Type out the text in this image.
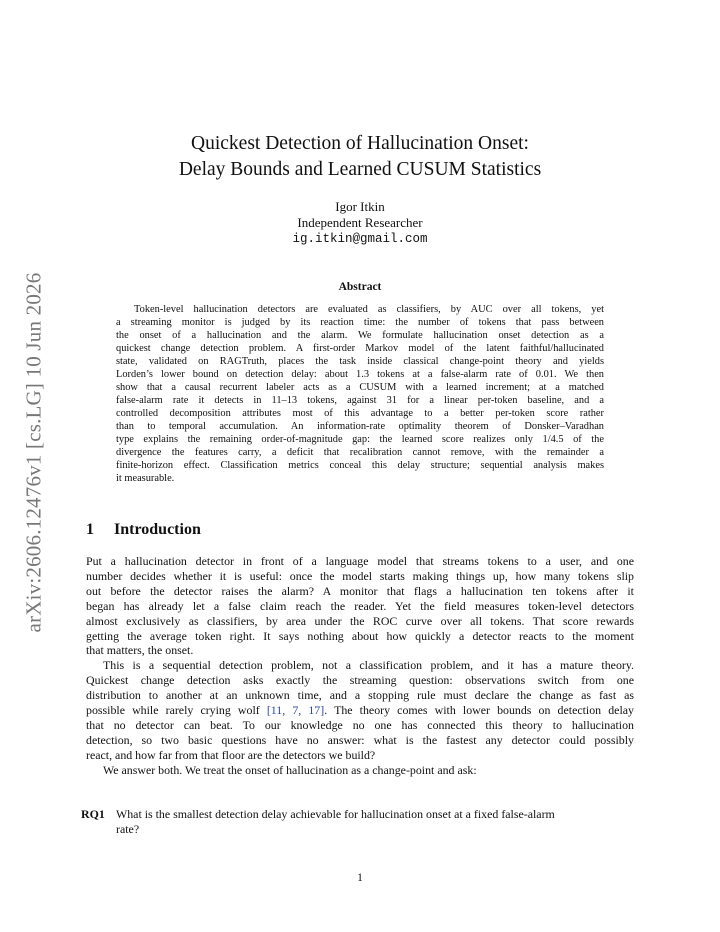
arXiv:2606.12476v1 [cs.LG] 10 Jun 2026
Quickest Detection of Hallucination Onset:
Delay Bounds and Learned CUSUM Statistics
Igor Itkin
Independent Researcher
ig.itkin@gmail.com
Abstract
Token-level hallucination detectors are evaluated as classifiers, by AUC over all tokens, yet
a streaming monitor is judged by its reaction time: the number of tokens that pass between
the onset of a hallucination and the alarm. We formulate hallucination onset detection as a
quickest change detection problem. A first-order Markov model of the latent faithful/hallucinated
state, validated on RAGTruth, places the task inside classical change-point theory and yields
Lorden’s lower bound on detection delay: about 1.3 tokens at a false-alarm rate of 0.01. We then
show that a causal recurrent labeler acts as a CUSUM with a learned increment; at a matched
false-alarm rate it detects in 11–13 tokens, against 31 for a linear per-token baseline, and a
controlled decomposition attributes most of this advantage to a better per-token score rather
than to temporal accumulation. An information-rate optimality theorem of Donsker–Varadhan
type explains the remaining order-of-magnitude gap: the learned score realizes only 1/4.5 of the
divergence the features carry, a deficit that recalibration cannot remove, with the remainder a
finite-horizon effect. Classification metrics conceal this delay structure; sequential analysis makes
it measurable.
1 Introduction
Put a hallucination detector in front of a language model that streams tokens to a user, and one
number decides whether it is useful: once the model starts making things up, how many tokens slip
out before the detector raises the alarm? A monitor that flags a hallucination ten tokens after it
began has already let a false claim reach the reader. Yet the field measures token-level detectors
almost exclusively as classifiers, by area under the ROC curve over all tokens. That score rewards
getting the average token right. It says nothing about how quickly a detector reacts to the moment
that matters, the onset.
This is a sequential detection problem, not a classification problem, and it has a mature theory.
Quickest change detection asks exactly the streaming question: observations switch from one
distribution to another at an unknown time, and a stopping rule must declare the change as fast as
possible while rarely crying wolf [11, 7, 17]. The theory comes with lower bounds on detection delay
that no detector can beat. To our knowledge no one has connected this theory to hallucination
detection, so two basic questions have no answer: what is the fastest any detector could possibly
react, and how far from that floor are the detectors we build?
We answer both. We treat the onset of hallucination as a change-point and ask:
RQ1 What is the smallest detection delay achievable for hallucination onset at a fixed false-alarm
rate?
1
